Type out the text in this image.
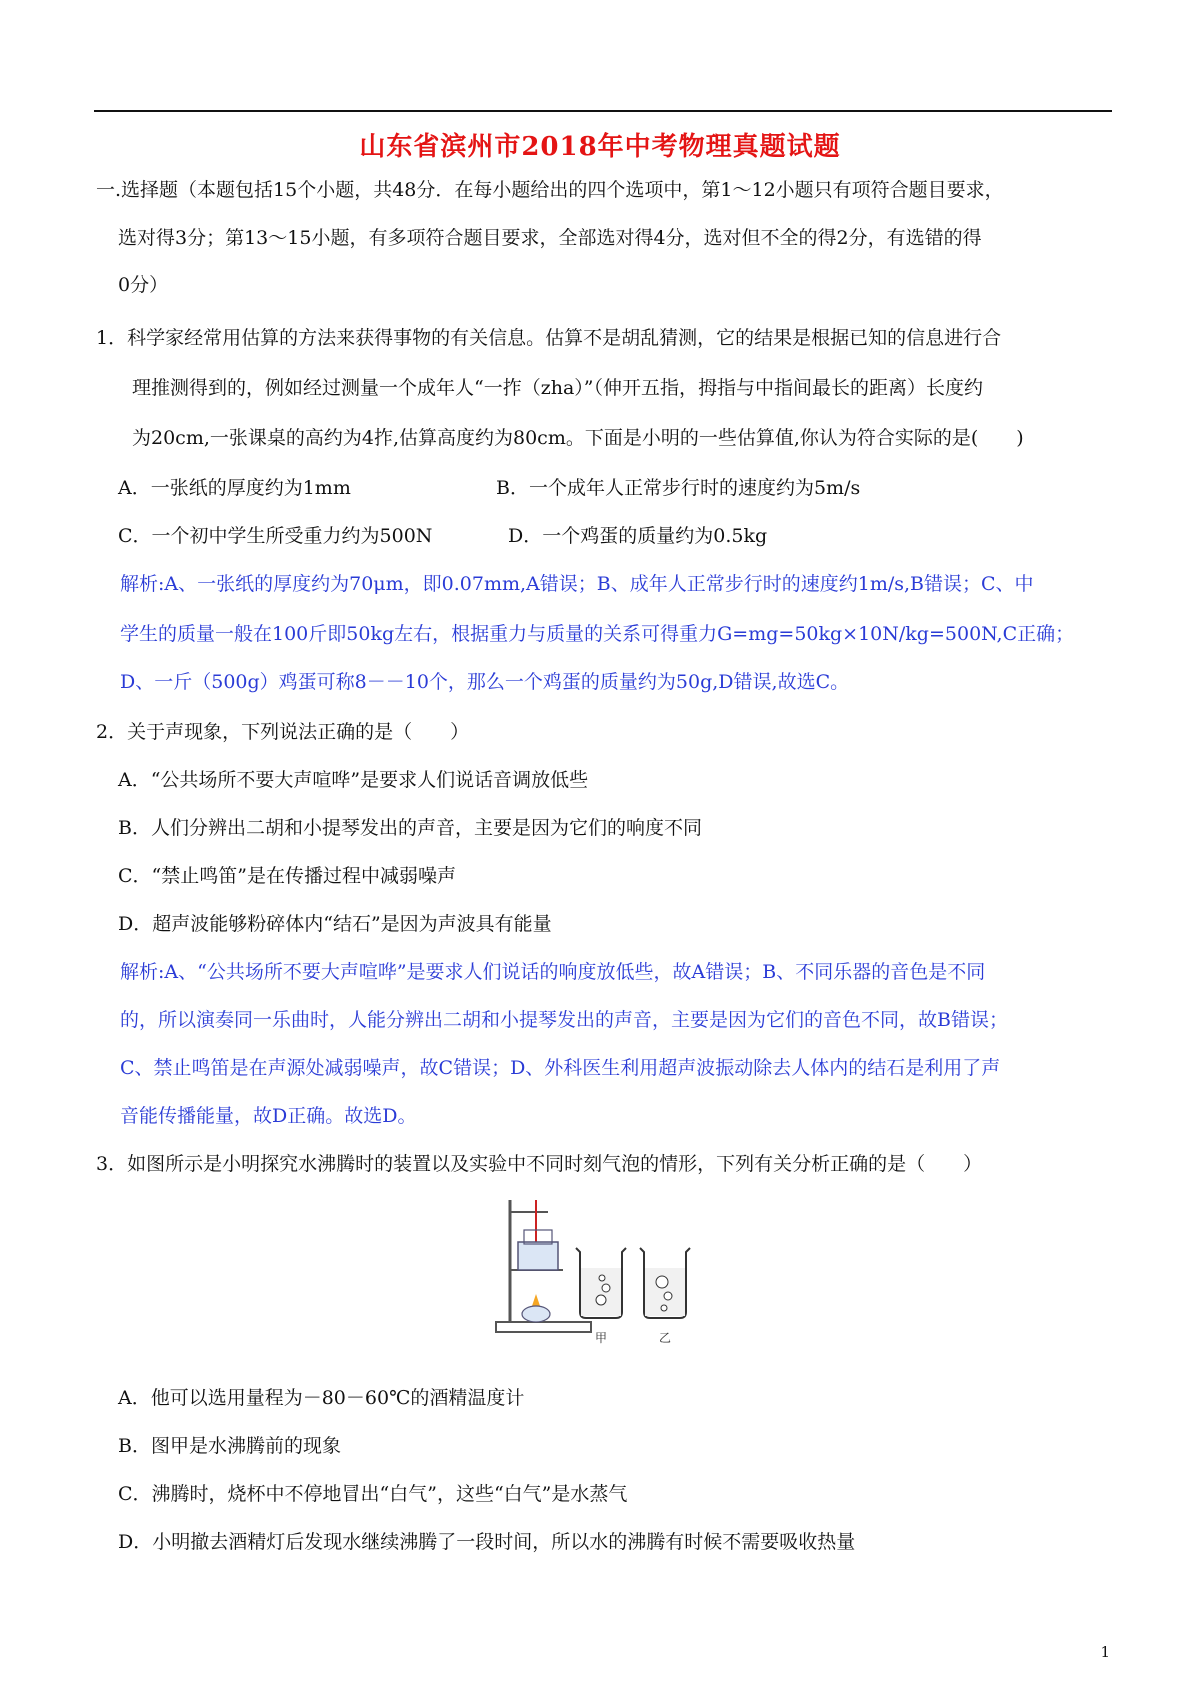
山东省滨州市2018年中考物理真题试题
一.选择题（本题包括15个小题，共48分．在每小题给出的四个选项中，第1～12小题只有项符合题目要求，
选对得3分；第13～15小题，有多项符合题目要求，全部选对得4分，选对但不全的得2分，有选错的得
0分）
1．科学家经常用估算的方法来获得事物的有关信息。估算不是胡乱猜测，它的结果是根据已知的信息进行合
理推测得到的，例如经过测量一个成年人“一拃（zha）”（伸开五指，拇指与中指间最长的距离）长度约
为20cm,一张课桌的高约为4拃,估算高度约为80cm。下面是小明的一些估算值,你认为符合实际的是(　　)
A．一张纸的厚度约为1mm	B．一个成年人正常步行时的速度约为5m/s
C．一个初中学生所受重力约为500N	D．一个鸡蛋的质量约为0.5kg
解析:A、一张纸的厚度约为70μm，即0.07mm,A错误；B、成年人正常步行时的速度约1m/s,B错误；C、中
学生的质量一般在100斤即50kg左右，根据重力与质量的关系可得重力G=mg=50kg×10N/kg=500N,C正确；
D、一斤（500g）鸡蛋可称8－－10个，那么一个鸡蛋的质量约为50g,D错误,故选C。
2．关于声现象，下列说法正确的是（　　）
A．“公共场所不要大声喧哗”是要求人们说话音调放低些
B．人们分辨出二胡和小提琴发出的声音，主要是因为它们的响度不同
C．“禁止鸣笛”是在传播过程中减弱噪声
D．超声波能够粉碎体内“结石”是因为声波具有能量
解析:A、“公共场所不要大声喧哗”是要求人们说话的响度放低些，故A错误；B、不同乐器的音色是不同
的，所以演奏同一乐曲时，人能分辨出二胡和小提琴发出的声音，主要是因为它们的音色不同，故B错误；
C、禁止鸣笛是在声源处减弱噪声，故C错误；D、外科医生利用超声波振动除去人体内的结石是利用了声
音能传播能量，故D正确。故选D。
3．如图所示是小明探究水沸腾时的装置以及实验中不同时刻气泡的情形，下列有关分析正确的是（　　）
甲	乙
A．他可以选用量程为－80－60℃的酒精温度计
B．图甲是水沸腾前的现象
C．沸腾时，烧杯中不停地冒出“白气”，这些“白气”是水蒸气
D．小明撤去酒精灯后发现水继续沸腾了一段时间，所以水的沸腾有时候不需要吸收热量
1
